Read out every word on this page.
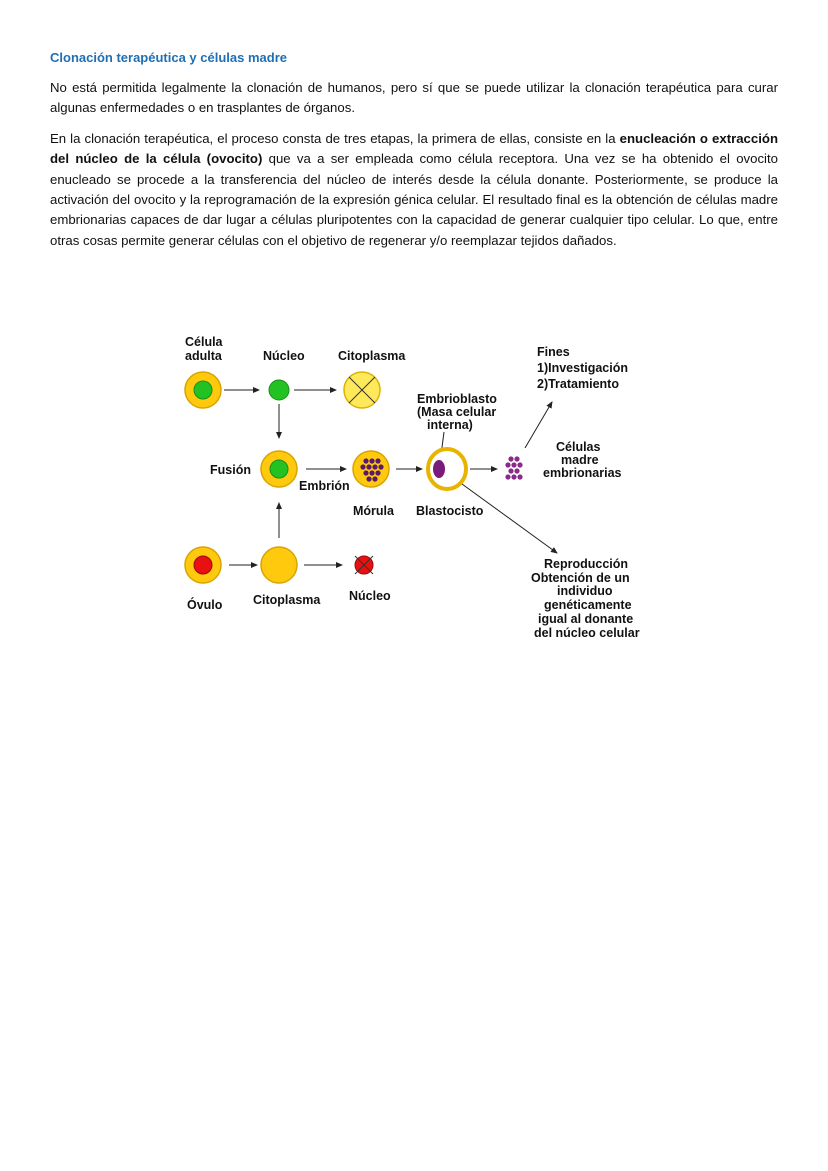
Clonación terapéutica y células madre

No está permitida legalmente la clonación de humanos, pero sí que se puede utilizar la clonación terapéutica para curar algunas enfermedades o en trasplantes de órganos.

En la clonación terapéutica, el proceso consta de tres etapas, la primera de ellas, consiste en la enucleación o extracción del núcleo de la célula (ovocito) que va a ser empleada como célula receptora. Una vez se ha obtenido el ovocito enucleado se procede a la transferencia del núcleo de interés desde la célula donante. Posteriormente, se produce la activación del ovocito y la reprogramación de la expresión génica celular. El resultado final es la obtención de células madre embrionarias capaces de dar lugar a células pluripotentes con la capacidad de generar cualquier tipo celular. Lo que, entre otras cosas permite generar células con el objetivo de regenerar y/o reemplazar tejidos dañados.

Célula
adulta	Núcleo	Citoplasma	Fines
1)Investigación
2)Tratamiento
Embrioblasto
(Masa celular
interna)
Fusión
Embrión
Células
madre
embrionarias
Mórula Blastocisto
Óvulo Citoplasma Núcleo
Reproducción
Obtención de un
individuo
genéticamente
igual al donante
del núcleo celular
